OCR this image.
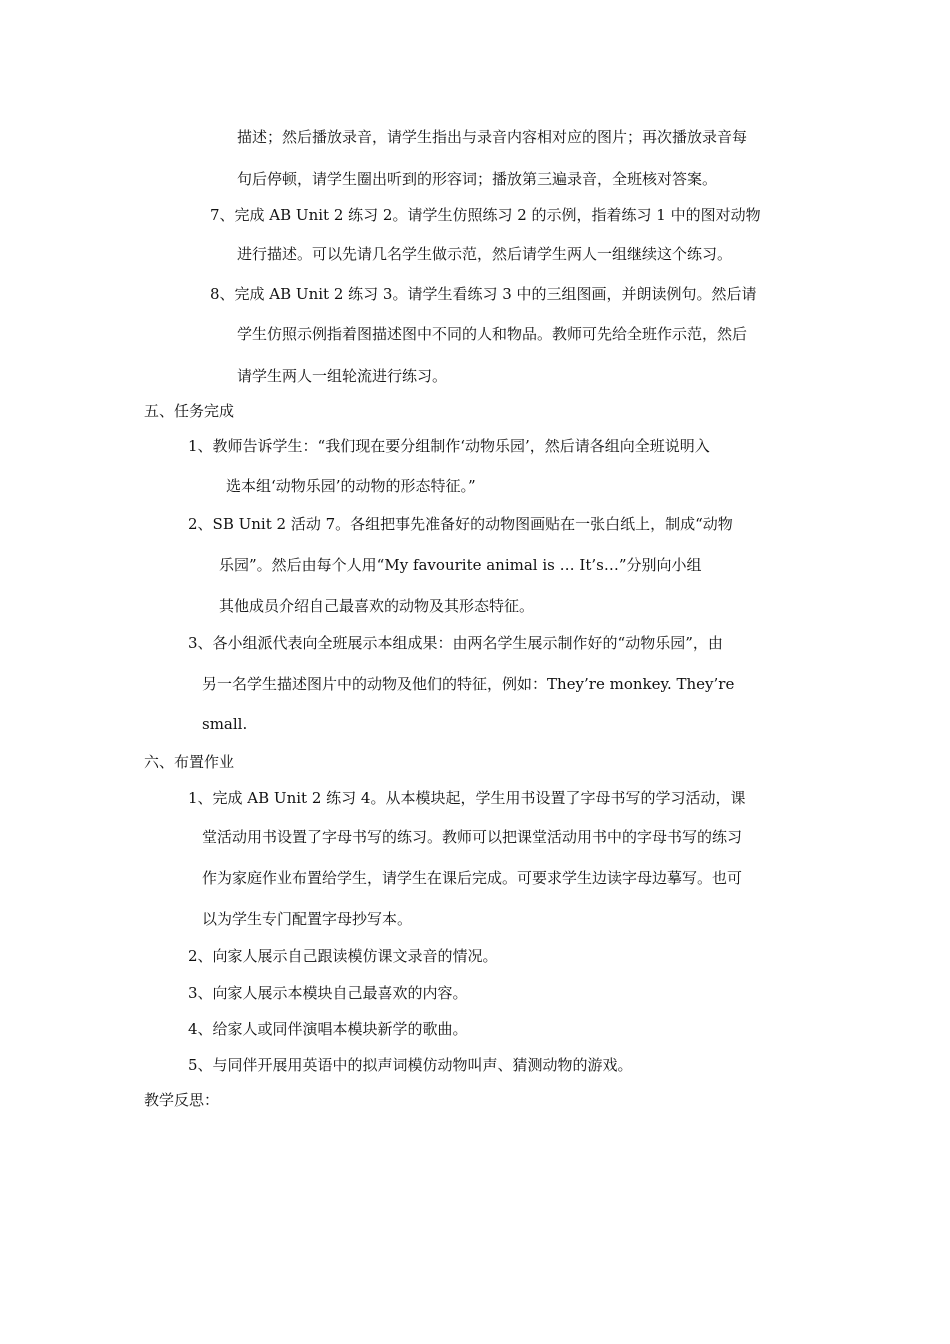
描述；然后播放录音，请学生指出与录音内容相对应的图片；再次播放录音每
句后停顿，请学生圈出听到的形容词；播放第三遍录音，全班核对答案。
7、完成 AB Unit 2 练习 2。请学生仿照练习 2 的示例，指着练习 1 中的图对动物
进行描述。可以先请几名学生做示范，然后请学生两人一组继续这个练习。
8、完成 AB Unit 2 练习 3。请学生看练习 3 中的三组图画，并朗读例句。然后请
学生仿照示例指着图描述图中不同的人和物品。教师可先给全班作示范，然后
请学生两人一组轮流进行练习。
五、任务完成
1、教师告诉学生：“我们现在要分组制作‘动物乐园’，然后请各组向全班说明入
选本组‘动物乐园’的动物的形态特征。”
2、SB Unit 2 活动 7。各组把事先准备好的动物图画贴在一张白纸上，制成“动物
乐园”。然后由每个人用“My favourite animal is … It’s…”分别向小组
其他成员介绍自己最喜欢的动物及其形态特征。
3、各小组派代表向全班展示本组成果：由两名学生展示制作好的“动物乐园”，由
另一名学生描述图片中的动物及他们的特征，例如：They’re monkey. They’re
small.
六、布置作业
1、完成 AB Unit 2 练习 4。从本模块起，学生用书设置了字母书写的学习活动，课
堂活动用书设置了字母书写的练习。教师可以把课堂活动用书中的字母书写的练习
作为家庭作业布置给学生，请学生在课后完成。可要求学生边读字母边摹写。也可
以为学生专门配置字母抄写本。
2、向家人展示自己跟读模仿课文录音的情况。
3、向家人展示本模块自己最喜欢的内容。
4、给家人或同伴演唱本模块新学的歌曲。
5、与同伴开展用英语中的拟声词模仿动物叫声、猜测动物的游戏。
教学反思：
